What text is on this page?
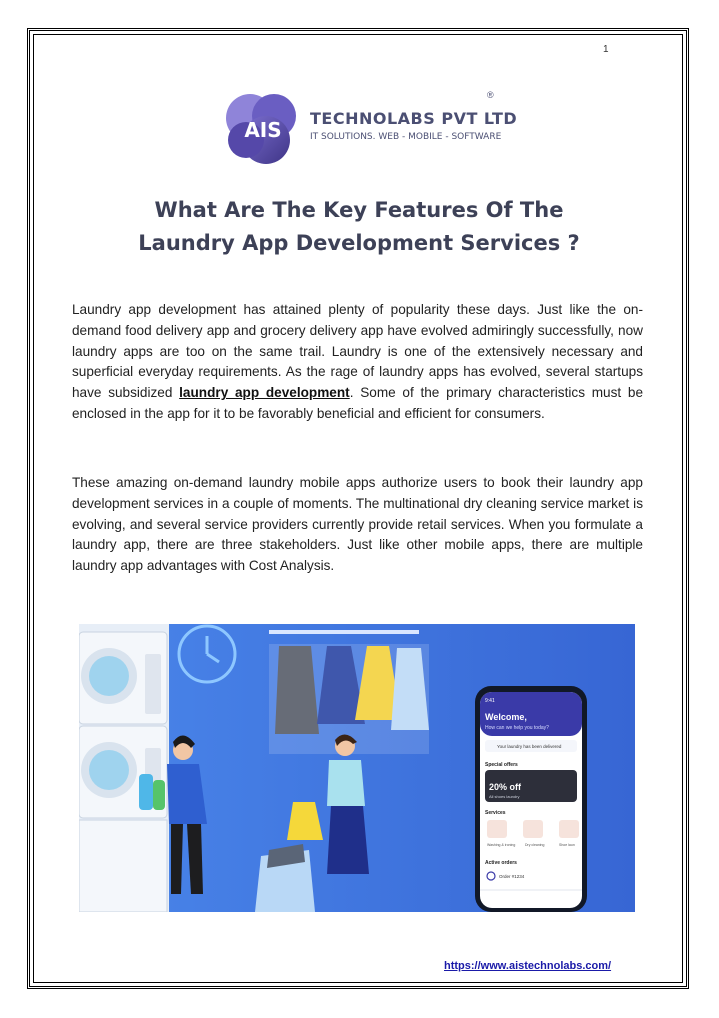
1
AIS
®
TECHNOLABS PVT LTD
IT SOLUTIONS. WEB - MOBILE - SOFTWARE
What Are The Key Features Of The
Laundry App Development Services ?

Laundry app development has attained plenty of popularity these days. Just like the on-demand food delivery app and grocery delivery app have evolved admiringly successfully, now laundry apps are too on the same trail. Laundry is one of the extensively necessary and superficial everyday requirements. As the rage of laundry apps has evolved, several startups have subsidized laundry app development. Some of the primary characteristics must be enclosed in the app for it to be favorably beneficial and efficient for consumers.

These amazing on-demand laundry mobile apps authorize users to book their laundry app development services in a couple of moments. The multinational dry cleaning service market is evolving, and several service providers currently provide retail services. When you formulate a laundry app, there are three stakeholders. Just like other mobile apps, there are multiple laundry app advantages with Cost Analysis.

9:41
Welcome,
How can we help you today?
Your laundry has been delivered
Special offers
20% off
All shoes laundry
Services
Washing & ironing	Dry cleaning	Shoe laun
Active orders
Order #1234
https://www.aistechnolabs.com/
